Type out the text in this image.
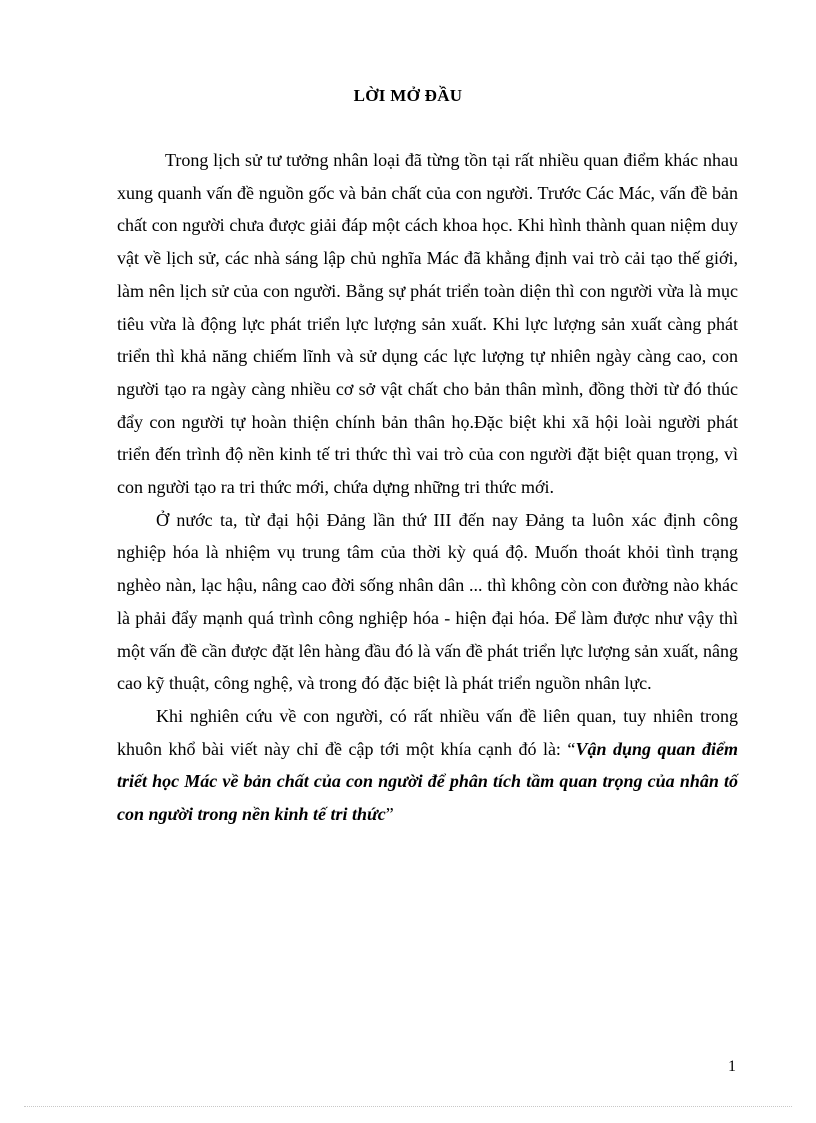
LỜI MỞ ĐẦU

Trong lịch sử tư tưởng nhân loại đã từng tồn tại rất nhiều quan điểm khác nhau xung quanh vấn đề nguồn gốc và bản chất của con người. Trước Các Mác, vấn đề bản chất con người chưa được giải đáp một cách khoa học. Khi hình thành quan niệm duy vật về lịch sử, các nhà sáng lập chủ nghĩa Mác đã khẳng định vai trò cải tạo thế giới, làm nên lịch sử của con người. Bằng sự phát triển toàn diện thì con người vừa là mục tiêu vừa là động lực phát triển lực lượng sản xuất. Khi lực lượng sản xuất càng phát triển thì khả năng chiếm lĩnh và sử dụng các lực lượng tự nhiên ngày càng cao, con người tạo ra ngày càng nhiều cơ sở vật chất cho bản thân mình, đồng thời từ đó thúc đẩy con người tự hoàn thiện chính bản thân họ.Đặc biệt khi xã hội loài người phát triển đến trình độ nền kinh tế tri thức thì vai trò của con người đặt biệt quan trọng, vì con người tạo ra tri thức mới, chứa dựng những tri thức mới.

Ở nước ta, từ đại hội Đảng lần thứ III đến nay Đảng ta luôn xác định công nghiệp hóa là nhiệm vụ trung tâm của thời kỳ quá độ. Muốn thoát khỏi tình trạng nghèo nàn, lạc hậu, nâng cao đời sống nhân dân ... thì không còn con đường nào khác là phải đẩy mạnh quá trình công nghiệp hóa - hiện đại hóa. Để làm được như vậy thì một vấn đề cần được đặt lên hàng đầu đó là vấn đề phát triển lực lượng sản xuất, nâng cao kỹ thuật, công nghệ, và trong đó đặc biệt là phát triển nguồn nhân lực.

Khi nghiên cứu về con người, có rất nhiều vấn đề liên quan, tuy nhiên trong khuôn khổ bài viết này chỉ đề cập tới một khía cạnh đó là: “Vận dụng quan điểm triết học Mác về bản chất của con người để phân tích tầm quan trọng của nhân tố con người trong nền kinh tế tri thức”

1
